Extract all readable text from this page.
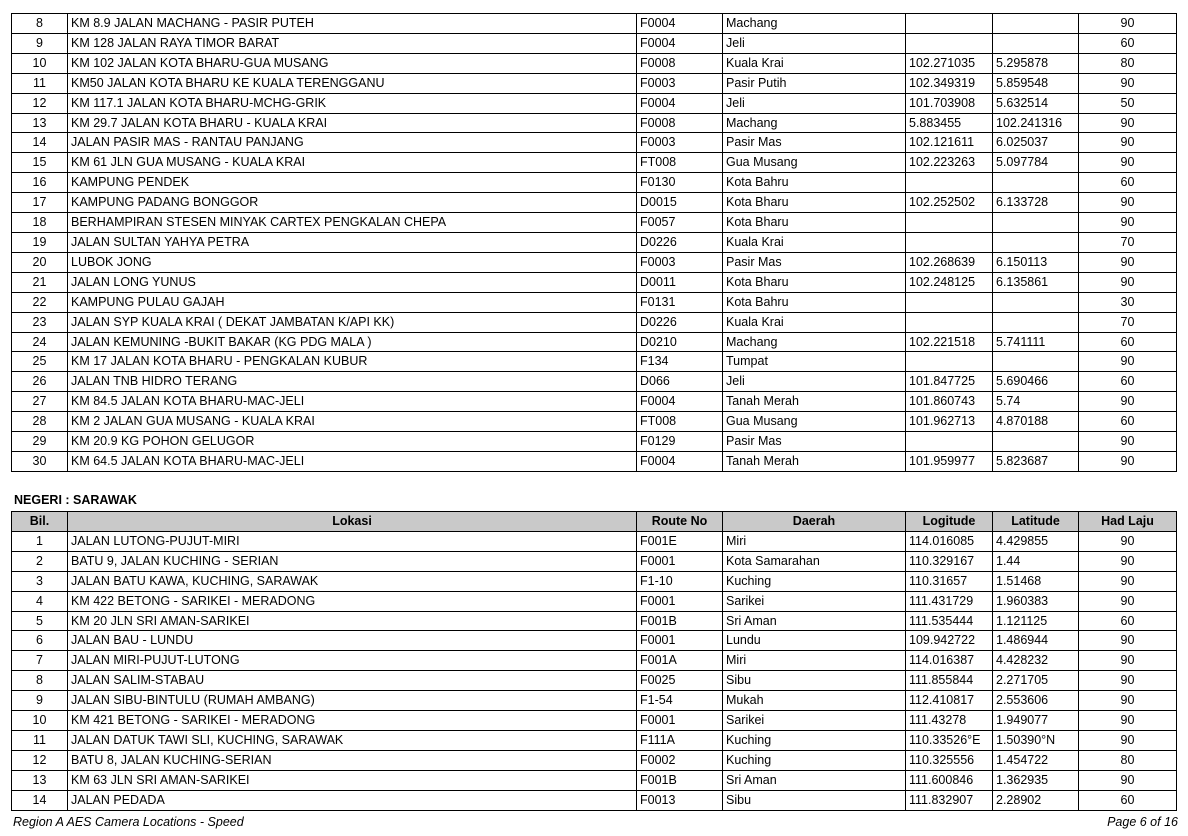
8	KM 8.9 JALAN MACHANG - PASIR PUTEH	F0004	Machang			90
9	KM 128 JALAN RAYA TIMOR BARAT	F0004	Jeli			60
10	KM 102 JALAN KOTA BHARU-GUA MUSANG	F0008	Kuala Krai	102.271035	5.295878	80
11	KM50 JALAN KOTA BHARU KE KUALA TERENGGANU	F0003	Pasir Putih	102.349319	5.859548	90
12	KM 117.1 JALAN KOTA BHARU-MCHG-GRIK	F0004	Jeli	101.703908	5.632514	50
13	KM 29.7 JALAN KOTA BHARU - KUALA KRAI	F0008	Machang	5.883455	102.241316	90
14	JALAN PASIR MAS - RANTAU PANJANG	F0003	Pasir Mas	102.121611	6.025037	90
15	KM 61 JLN GUA MUSANG - KUALA KRAI	FT008	Gua Musang	102.223263	5.097784	90
16	KAMPUNG PENDEK	F0130	Kota Bahru			60
17	KAMPUNG PADANG BONGGOR	D0015	Kota Bharu	102.252502	6.133728	90
18	BERHAMPIRAN STESEN MINYAK CARTEX PENGKALAN CHEPA	F0057	Kota Bharu			90
19	JALAN SULTAN YAHYA PETRA	D0226	Kuala Krai			70
20	LUBOK JONG	F0003	Pasir Mas	102.268639	6.150113	90
21	JALAN LONG YUNUS	D0011	Kota Bharu	102.248125	6.135861	90
22	KAMPUNG PULAU GAJAH	F0131	Kota Bahru			30
23	JALAN SYP KUALA KRAI ( DEKAT JAMBATAN K/API KK)	D0226	Kuala Krai			70
24	JALAN KEMUNING -BUKIT BAKAR (KG PDG MALA )	D0210	Machang	102.221518	5.741111	60
25	KM 17 JALAN KOTA BHARU - PENGKALAN KUBUR	F134	Tumpat			90
26	JALAN TNB HIDRO TERANG	D066	Jeli	101.847725	5.690466	60
27	KM 84.5 JALAN KOTA BHARU-MAC-JELI	F0004	Tanah Merah	101.860743	5.74	90
28	KM 2 JALAN GUA MUSANG - KUALA KRAI	FT008	Gua Musang	101.962713	4.870188	60
29	KM 20.9 KG POHON GELUGOR	F0129	Pasir Mas			90
30	KM 64.5 JALAN KOTA BHARU-MAC-JELI	F0004	Tanah Merah	101.959977	5.823687	90
NEGERI : SARAWAK
Bil.	Lokasi	Route No	Daerah	Logitude	Latitude	Had Laju
1	JALAN LUTONG-PUJUT-MIRI	F001E	Miri	114.016085	4.429855	90
2	BATU 9, JALAN KUCHING - SERIAN	F0001	Kota Samarahan	110.329167	1.44	90
3	JALAN BATU KAWA, KUCHING, SARAWAK	F1-10	Kuching	110.31657	1.51468	90
4	KM 422 BETONG - SARIKEI - MERADONG	F0001	Sarikei	111.431729	1.960383	90
5	KM 20 JLN SRI AMAN-SARIKEI	F001B	Sri Aman	111.535444	1.121125	60
6	JALAN BAU - LUNDU	F0001	Lundu	109.942722	1.486944	90
7	JALAN MIRI-PUJUT-LUTONG	F001A	Miri	114.016387	4.428232	90
8	JALAN SALIM-STABAU	F0025	Sibu	111.855844	2.271705	90
9	JALAN SIBU-BINTULU (RUMAH AMBANG)	F1-54	Mukah	112.410817	2.553606	90
10	KM 421 BETONG - SARIKEI - MERADONG	F0001	Sarikei	111.43278	1.949077	90
11	JALAN DATUK TAWI SLI, KUCHING, SARAWAK	F111A	Kuching	110.33526°E	1.50390°N	90
12	BATU 8, JALAN KUCHING-SERIAN	F0002	Kuching	110.325556	1.454722	80
13	KM 63 JLN SRI AMAN-SARIKEI	F001B	Sri Aman	111.600846	1.362935	90
14	JALAN PEDADA	F0013	Sibu	111.832907	2.28902	60
Region A AES Camera Locations - Speed	Page 6 of 16
